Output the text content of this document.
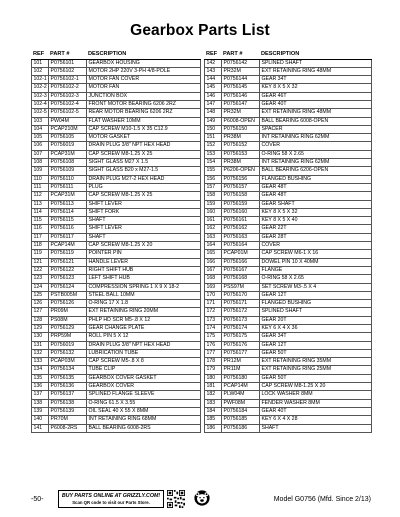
Gearbox Parts List
REF	PART #	DESCRIPTION
101	P0756101	GEARBOX HOUSING
102	P0756102	MOTOR 2HP 220V 3-PH 4/8-POLE
102-1	P0756102-1	MOTOR FAN COVER
102-2	P0756102-2	MOTOR FAN
102-3	P0756102-3	JUNCTION BOX
102-4	P0756102-4	FRONT MOTOR BEARING 6206 2RZ
102-5	P0756102-5	REAR MOTOR BEARING 6206 2RZ
103	PW04M	FLAT WASHER 10MM
104	PCAP210M	CAP SCREW M10-1.5 X 35 C12.9
105	P0756105	MOTOR GASKET
106	P0756019	DRAIN PLUG 3/8" NPT HEX HEAD
107	PCAP31M	CAP SCREW M8-1.25 X 25
108	P0756108	SIGHT GLASS M27 X 1.5
109	P0756109	SIGHT GLASS B20 x M27-1.5
110	P0756110	DRAIN PLUG M27-2 HEX HEAD
111	P0756111	PLUG
112	PCAP31M	CAP SCREW M8-1.25 X 25
113	P0756113	SHIFT LEVER
114	P0756114	SHIFT FORK
115	P0756115	SHAFT
116	P0756116	SHIFT LEVER
117	P0756117	SHAFT
118	PCAP14M	CAP SCREW M8-1.25 X 20
119	P0756119	POINTER PIN
121	P0756121	HANDLE LEVER
122	P0756122	RIGHT SHIFT HUB
123	P0756123	LEFT SHIFT HUB
124	P0756124	COMPRESSION SPRING 1 X 9 X 18-2
125	PSTB005M	STEEL BALL 10MM
126	P0756126	O-RING 17 X 1.8
127	PR09M	EXT RETAINING RING 20MM
128	PS08M	PHLP HD SCR M5-.8 X 12
129	P0756129	GEAR CHANGE PLATE
130	PRP59M	ROLL PIN 5 X 12
131	P0756019	DRAIN PLUG 3/8" NPT HEX HEAD
132	P0756132	LUBRICATION TUBE
133	PCAP03M	CAP SCREW M5-.8 X 8
134	P0756134	TUBE CLIP
135	P0756135	GEARBOX COVER GASKET
136	P0756136	GEARBOX COVER
137	P0756137	SPLINED FLANGE SLEEVE
138	P0756138	O-RING 61.5 X 3.55
139	P0756139	OIL SEAL 40 X 55 X 8MM
140	PR70M	INT RETAINING RING 68MM
141	P6008-2RS	BALL BEARING 6008-2RS
REF	PART #	DESCRIPTION
142	P0756142	SPLINED SHAFT
143	PR32M	EXT RETAINING RING 48MM
144	P0756144	GEAR 34T
145	P0756145	KEY 8 X 5 X 32
146	P0756146	GEAR 46T
147	P0756147	GEAR 40T
148	PR32M	EXT RETAINING RING 48MM
149	P6008-OPEN	BALL BEARING 6008-OPEN
150	P0756150	SPACER
151	PR38M	INT RETAINING RING 62MM
152	P0756152	COVER
153	P0756153	O-RING 58 X 2.65
154	PR38M	INT RETAINING RING 62MM
155	P6206-OPEN	BALL BEARING 6206-OPEN
156	P0756156	FLANGED BUSHING
157	P0756157	GEAR 48T
158	P0756158	GEAR 48T
159	P0756159	GEAR SHAFT
160	P0756160	KEY 8 X 5 X 32
161	P0756161	KEY 8 X 5 X 40
162	P0756162	GEAR 22T
163	P0756163	GEAR 28T
164	P0756164	COVER
165	PCAP01M	CAP SCREW M6-1 X 16
166	P0756166	DOWEL PIN 10 X 40MM
167	P0756167	FLANGE
168	P0756168	O-RING 58 X 2.65
169	PSS97M	SET SCREW M3-.5 X 4
170	P0756170	GEAR 12T
171	P0756171	FLANGED BUSHING
172	P0756172	SPLINED SHAFT
173	P0756173	GEAR 20T
174	P0756174	KEY 6 X 4 X 36
175	P0756175	GEAR 34T
176	P0756176	GEAR 12T
177	P0756177	GEAR 50T
178	PR12M	EXT RETAINING RING 35MM
179	PR11M	EXT RETAINING RING 25MM
180	P0756180	GEAR 50T
181	PCAP14M	CAP SCREW M8-1.25 X 20
182	PLW04M	LOCK WASHER 8MM
183	PWF08M	FENDER WASHER 8MM
184	P0756184	GEAR 40T
185	P0756185	KEY 6 X 4 X 28
186	P0756186	SHAFT
-50-	BUY PARTS ONLINE AT GRIZZLY.COM!
Scan QR code to visit our Parts Store.	Model G0756 (Mfd. Since 2/13)
